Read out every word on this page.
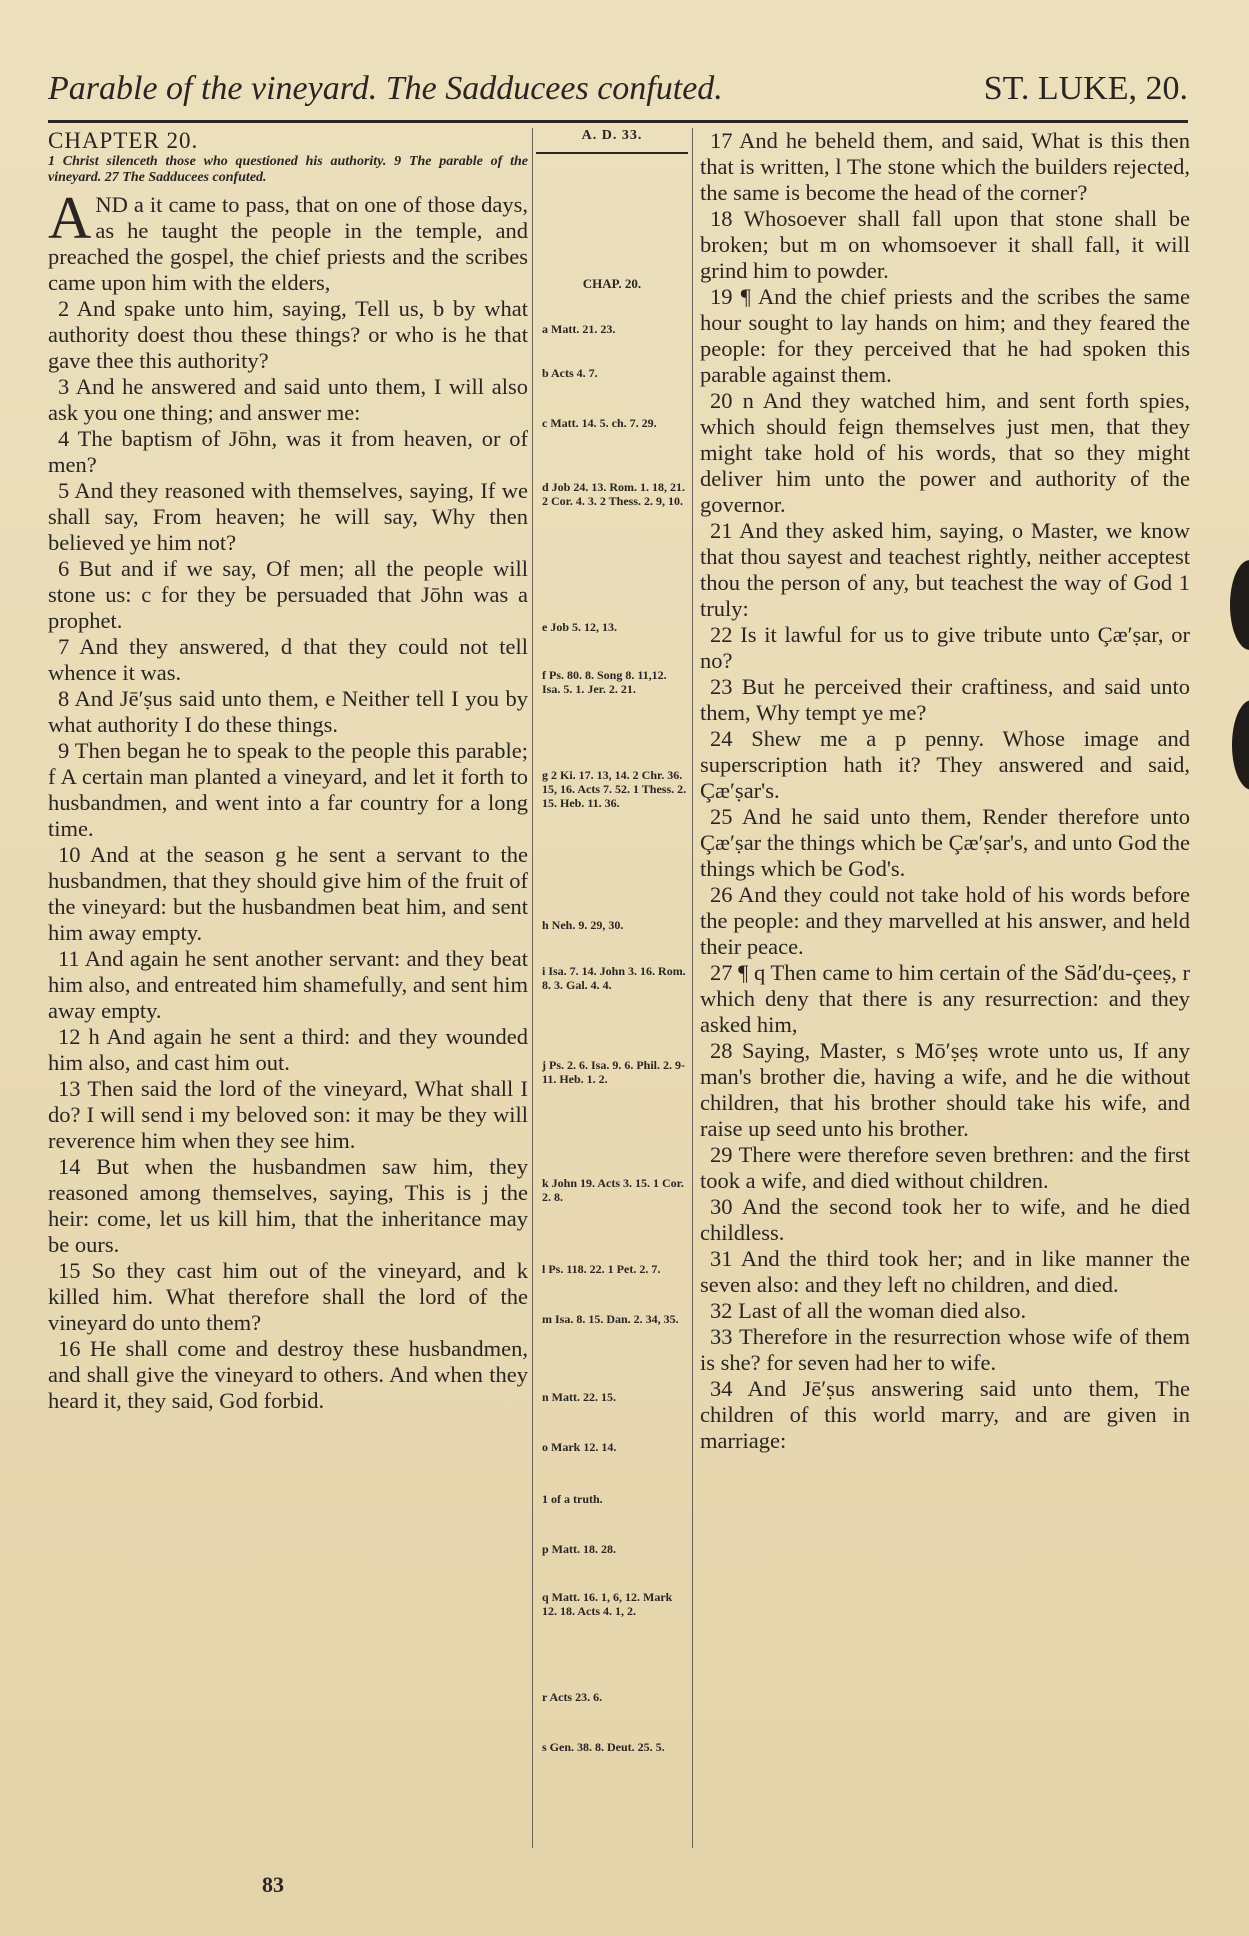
Parable of the vineyard. The Sadducees confuted.	ST. LUKE, 20.

CHAPTER 20.

1 Christ silenceth those who questioned his authority. 9 The parable of the vineyard. 27 The Sadducees confuted.

AND a it came to pass, that on one of those days, as he taught the people in the temple, and preached the gospel, the chief priests and the scribes came upon him with the elders,

2 And spake unto him, saying, Tell us, b by what authority doest thou these things? or who is he that gave thee this authority?

3 And he answered and said unto them, I will also ask you one thing; and answer me:

4 The baptism of Jōhn, was it from heaven, or of men?

5 And they reasoned with themselves, saying, If we shall say, From heaven; he will say, Why then believed ye him not?

6 But and if we say, Of men; all the people will stone us: c for they be persuaded that Jōhn was a prophet.

7 And they answered, d that they could not tell whence it was.

8 And Jē′ṣus said unto them, e Neither tell I you by what authority I do these things.

9 Then began he to speak to the people this parable; f A certain man planted a vineyard, and let it forth to husbandmen, and went into a far country for a long time.

10 And at the season g he sent a servant to the husbandmen, that they should give him of the fruit of the vineyard: but the husbandmen beat him, and sent him away empty.

11 And again he sent another servant: and they beat him also, and entreated him shamefully, and sent him away empty.

12 h And again he sent a third: and they wounded him also, and cast him out.

13 Then said the lord of the vineyard, What shall I do? I will send i my beloved son: it may be they will reverence him when they see him.

14 But when the husbandmen saw him, they reasoned among themselves, saying, This is j the heir: come, let us kill him, that the inheritance may be ours.

15 So they cast him out of the vineyard, and k killed him. What therefore shall the lord of the vineyard do unto them?

16 He shall come and destroy these husbandmen, and shall give the vineyard to others. And when they heard it, they said, God forbid.

A. D. 33.
CHAP. 20.
a Matt. 21. 23.
b Acts 4. 7.
c Matt. 14. 5. ch. 7. 29.
d Job 24. 13. Rom. 1. 18, 21. 2 Cor. 4. 3. 2 Thess. 2. 9, 10.
e Job 5. 12, 13.
f Ps. 80. 8. Song 8. 11,12. Isa. 5. 1. Jer. 2. 21.
g 2 Ki. 17. 13, 14. 2 Chr. 36. 15, 16. Acts 7. 52. 1 Thess. 2. 15. Heb. 11. 36.
h Neh. 9. 29, 30.
i Isa. 7. 14. John 3. 16. Rom. 8. 3. Gal. 4. 4.
j Ps. 2. 6. Isa. 9. 6. Phil. 2. 9-11. Heb. 1. 2.
k John 19. Acts 3. 15. 1 Cor. 2. 8.
l Ps. 118. 22. 1 Pet. 2. 7.
m Isa. 8. 15. Dan. 2. 34, 35.
n Matt. 22. 15.
o Mark 12. 14.
1 of a truth.
p Matt. 18. 28.
q Matt. 16. 1, 6, 12. Mark 12. 18. Acts 4. 1, 2.
r Acts 23. 6.
s Gen. 38. 8. Deut. 25. 5.

17 And he beheld them, and said, What is this then that is written, l The stone which the builders rejected, the same is become the head of the corner?

18 Whosoever shall fall upon that stone shall be broken; but m on whomsoever it shall fall, it will grind him to powder.

19 ¶ And the chief priests and the scribes the same hour sought to lay hands on him; and they feared the people: for they perceived that he had spoken this parable against them.

20 n And they watched him, and sent forth spies, which should feign themselves just men, that they might take hold of his words, that so they might deliver him unto the power and authority of the governor.

21 And they asked him, saying, o Master, we know that thou sayest and teachest rightly, neither acceptest thou the person of any, but teachest the way of God 1 truly:

22 Is it lawful for us to give tribute unto Çæ′ṣar, or no?

23 But he perceived their craftiness, and said unto them, Why tempt ye me?

24 Shew me a p penny. Whose image and superscription hath it? They answered and said, Çæ′ṣar's.

25 And he said unto them, Render therefore unto Çæ′ṣar the things which be Çæ′ṣar's, and unto God the things which be God's.

26 And they could not take hold of his words before the people: and they marvelled at his answer, and held their peace.

27 ¶ q Then came to him certain of the Săd′du-çeeṣ, r which deny that there is any resurrection: and they asked him,

28 Saying, Master, s Mō′ṣeṣ wrote unto us, If any man's brother die, having a wife, and he die without children, that his brother should take his wife, and raise up seed unto his brother.

29 There were therefore seven brethren: and the first took a wife, and died without children.

30 And the second took her to wife, and he died childless.

31 And the third took her; and in like manner the seven also: and they left no children, and died.

32 Last of all the woman died also.

33 Therefore in the resurrection whose wife of them is she? for seven had her to wife.

34 And Jē′ṣus answering said unto them, The children of this world marry, and are given in marriage:

83
